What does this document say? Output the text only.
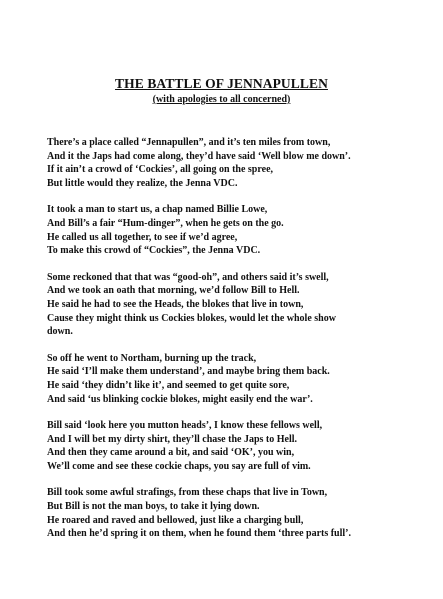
THE BATTLE OF JENNAPULLEN
(with apologies to all concerned)
There’s a place called “Jennapullen”, and it’s ten miles from town,
And it the Japs had come along, they’d have said ‘Well blow me down’.
If it ain’t a crowd of ‘Cockies’, all going on the spree,
But little would they realize, the Jenna VDC.
It took a man to start us, a chap named Billie Lowe,
And Bill’s a fair “Hum-dinger”, when he gets on the go.
He called us all together, to see if we’d agree,
To make this crowd of “Cockies”, the Jenna VDC.
Some reckoned that that was “good-oh”, and others said it’s swell,
And we took an oath that morning, we’d follow Bill to Hell.
He said he had to see the Heads, the blokes that live in town,
Cause they might think us Cockies blokes, would let the whole show
down.
So off he went to Northam, burning up the track,
He said ‘I’ll make them understand’, and maybe bring them back.
He said ‘they didn’t like it’, and seemed to get quite sore,
And said ‘us blinking cockie blokes, might easily end the war’.
Bill said ‘look here you mutton heads’, I know these fellows well,
And I will bet my dirty shirt, they’ll chase the Japs to Hell.
And then they came around a bit, and said ‘OK’, you win,
We’ll come and see these cockie chaps, you say are full of vim.
Bill took some awful strafings, from these chaps that live in Town,
But Bill is not the man boys, to take it lying down.
He roared and raved and bellowed, just like a charging bull,
And then he’d spring it on them, when he found them ‘three parts full’.
